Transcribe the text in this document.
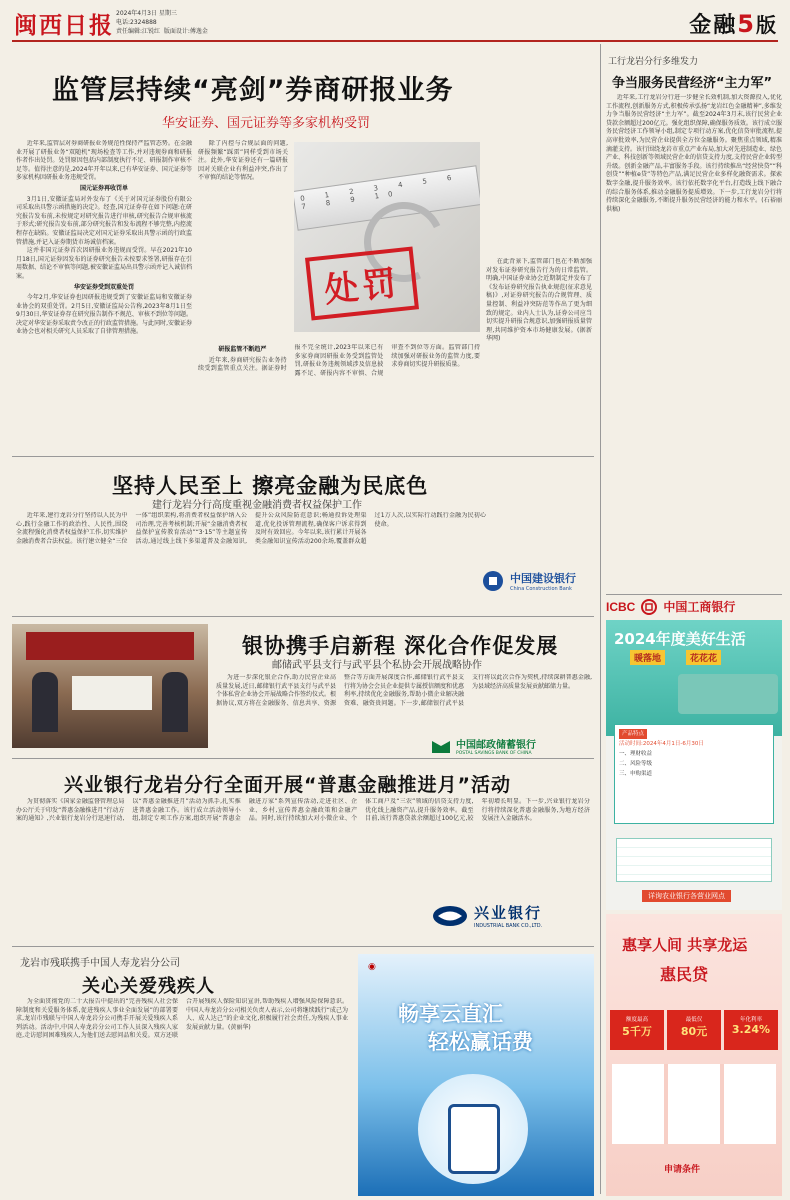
闽西日报 2024年4月3日 星期三
电话:2324888
责任编辑:江锐红 版面设计:傅逸金	金融5版
监管层持续“亮剑”券商研报业务
华安证券、国元证券等多家机构受罚

近年来,监管层对券商研报业务规范性保持严监管态势。在金融业开展了研报业务“双随机”现场检查等工作,并对违规券商和研报作者作出处罚。处罚原因包括内部制度执行不足、研报制作审核不足等。值得注意的是,2024年开年以来,已有华安证券、国元证券等多家机构因研报业务违规受罚。

国元证券再收罚单

3月1日,安徽证监局对外发布了《关于对国元证券股份有限公司采取出具警示函措施的决定》。经查,国元证券存在如下问题:在研究报告发布前,未按规定对研究报告进行审核,研究报告合规审核流于形式;研究报告发布前,部分研究报告和发布流程不够完整,内控流程存在缺陷。安徽证监局决定对国元证券采取出具警示函的行政监管措施,并记入证券期货市场诚信档案。

这并非国元证券首次因研报业务违规而受罚。早在2021年10月18日,国元证券因发布的证券研究报告未按要求签署,研报存在引用数据、结论不审慎等问题,被安徽证监局出具警示函并记入诚信档案。

华安证券受到双重处罚

今年2月,华安证券也因研报违规受到了安徽证监局和安徽证券业协会的双重处罚。2月5日,安徽证监局公告称,2023年8月1日至9月30日,华安证券存在研究报告制作不规范、审核不到位等问题。决定对华安证券采取责令改正的行政监管措施。与此同时,安徽证券业协会也对相关研究人员采取了自律管理措施。

除了内控与合规层面的问题,研报频繁“踩雷”同样受到市场关注。此外,华安证券还有一篇研报因对关联企业有利益冲突,作出了不审慎的结论等情况。	0 1 2 3 4 5 6 7 8 9 10
处罚

研报监管不断趋严

近年来,券商研究报告业务持续受到监管重点关注。据证券时报不完全统计,2023年以来已有多家券商因研报业务受到监管处罚,研报业务违规领域涉及信息披露不足、研报内容不审慎、合规审查不到位等方面。监管部门持续加强对研报业务的监管力度,要求券商切实提升研报质量。

在此背景下,监管部门也在不断加强对发布证券研究报告行为的日常监管。明确,中国证券业协会近期制定并发布了《发布证券研究报告执业规范(征求意见稿)》,对证券研究报告的合规管理、质量控制、利益冲突防范等作出了更为细致的规定。业内人士认为,证券公司应当切实提升研报合规意识,加强研报质量管理,共同维护资本市场健康发展。(据新华网)

坚持人民至上 擦亮金融为民底色
建行龙岩分行高度重视金融消费者权益保护工作

近年来,建行龙岩分行坚持以人民为中心,践行金融工作的政治性、人民性,围绕全流程强化消费者权益保护工作,切实维护金融消费者合法权益。该行建立健全“三位一体”组织架构,将消费者权益保护纳入公司治理,完善考核机制;开展“金融消费者权益保护宣传教育活动”“3·15”等主题宣传活动,通过线上线下多渠道普及金融知识,提升公众风险防范意识;畅通投诉处理渠道,优化投诉管理流程,确保客户诉求得到及时有效回应。今年以来,该行累计开展各类金融知识宣传活动200余场,覆盖群众超过1万人次,以实际行动践行金融为民初心使命。

中国建设银行
China Construction Bank
银协携手启新程 深化合作促发展
邮储武平县支行与武平县个私协会开展战略协作

为进一步深化银企合作,助力民营企业高质量发展,近日,邮储银行武平县支行与武平县个体私营企业协会开展战略合作签约仪式。根据协议,双方将在金融服务、信息共享、资源整合等方面开展深度合作,邮储银行武平县支行将为协会会员企业提供专属授信额度和优惠利率,持续优化金融服务,帮助小微企业解决融资难、融资贵问题。下一步,邮储银行武平县支行将以此次合作为契机,持续深耕普惠金融,为县域经济高质量发展贡献邮储力量。

中国邮政储蓄银行
POSTAL SAVINGS BANK OF CHINA
兴业银行龙岩分行全面开展“普惠金融推进月”活动

为贯彻落实《国家金融监督管理总局办公厅关于印发“普惠金融推进月”行动方案的通知》,兴业银行龙岩分行迅速行动,以“普惠金融推进月”活动为抓手,扎实推进普惠金融工作。该行成立活动领导小组,制定专项工作方案,组织开展“普惠金融进万家”系列宣传活动,走进社区、企业、乡村,宣传普惠金融政策和金融产品。同时,该行持续加大对小微企业、个体工商户及“三农”领域的信贷支持力度,优化线上融资产品,提升服务效率。截至目前,该行普惠贷款余额超过100亿元,较年初增长明显。下一步,兴业银行龙岩分行将持续深化普惠金融服务,为地方经济发展注入金融活水。

兴业银行
INDUSTRIAL BANK CO.,LTD.
龙岩市残联携手中国人寿龙岩分公司
关心关爱残疾人

为全面贯彻党的二十大报告中提出的“完善残疾人社会保障制度和关爱服务体系,促进残疾人事业全面发展”的部署要求,龙岩市残联与中国人寿龙岩分公司携手开展关爱残疾人系列活动。活动中,中国人寿龙岩分公司工作人员深入残疾人家庭,走访慰问困难残疾人,为他们送去慰问品和关爱。双方还联合开展残疾人保险知识宣讲,帮助残疾人增强风险保障意识。中国人寿龙岩分公司相关负责人表示,公司将继续践行“成己为人、成人达己”的企业文化,积极履行社会责任,为残疾人事业发展贡献力量。(黄丽华)

◉
畅享云直汇
轻松赢话费
工行龙岩分行多维发力
争当服务民营经济“主力军”

近年来,工行龙岩分行进一步健全长效机制,加大资源投入,优化工作流程,创新服务方式,积极传承弘扬“龙岩红色金融精神”,多维发力争当服务民营经济“主力军”。截至2024年3月末,该行民营企业贷款余额超过200亿元。强化组织保障,确保服务质效。该行成立服务民营经济工作领导小组,制定专项行动方案,优化信贷审批流程,提高审批效率,为民营企业提供全方位金融服务。聚焦重点领域,精准滴灌支持。该行围绕龙岩市重点产业布局,加大对先进制造业、绿色产业、科技创新等领域民营企业的信贷支持力度,支持民营企业转型升级。创新金融产品,丰富服务手段。该行持续推出“经营快贷”“科创贷”“种植e贷”等特色产品,满足民营企业多样化融资需求。探索数字金融,提升服务效率。该行依托数字化平台,打造线上线下融合的综合服务体系,推动金融服务提质增效。下一步,工行龙岩分行将持续深化金融服务,不断提升服务民营经济的能力和水平。(石裕丽 供稿)

ICBC 中国工商银行
2024年度美好生活
暖落地	花花花
产品特点
活动时间:2024年4月1日-6月30日
一、理财收益
二、风险等级
三、申购渠道
详询农业银行各营业网点
惠享人间 共享龙运
惠民贷
额度最高
5千万
最低仅
80元
年化利率
3.24%
申请条件
